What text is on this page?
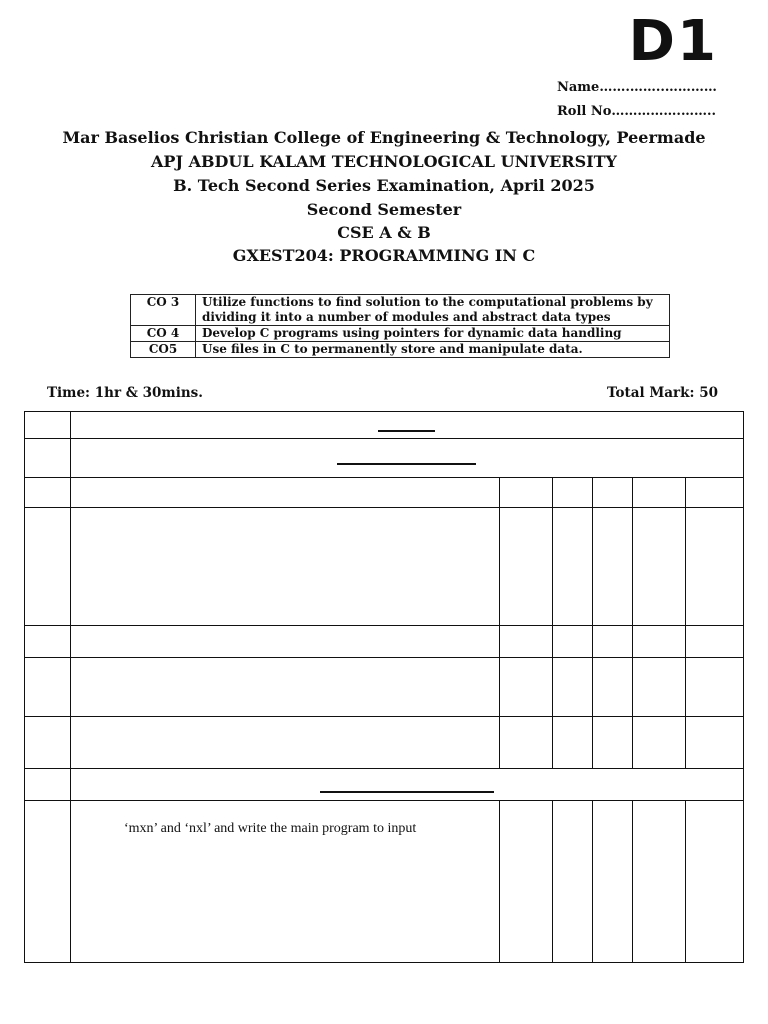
D1
Name…….……..…………
Roll No…………….……..
Mar Baselios Christian College of Engineering & Technology, Peermade
APJ ABDUL KALAM TECHNOLOGICAL UNIVERSITY
B. Tech Second Series Examination, April 2025
Second Semester
CSE A & B
GXEST204: PROGRAMMING IN C
CO 3	Utilize functions to find solution to the computational problems by dividing it into a number of modules and abstract data types
CO 4	Develop C programs using pointers for dynamic data handling
CO5	Use files in C to permanently store and manipulate data.
Time: 1hr & 30mins.	Total Mark: 50
‘mxn’ and ‘nxl’ and write the main program to input
